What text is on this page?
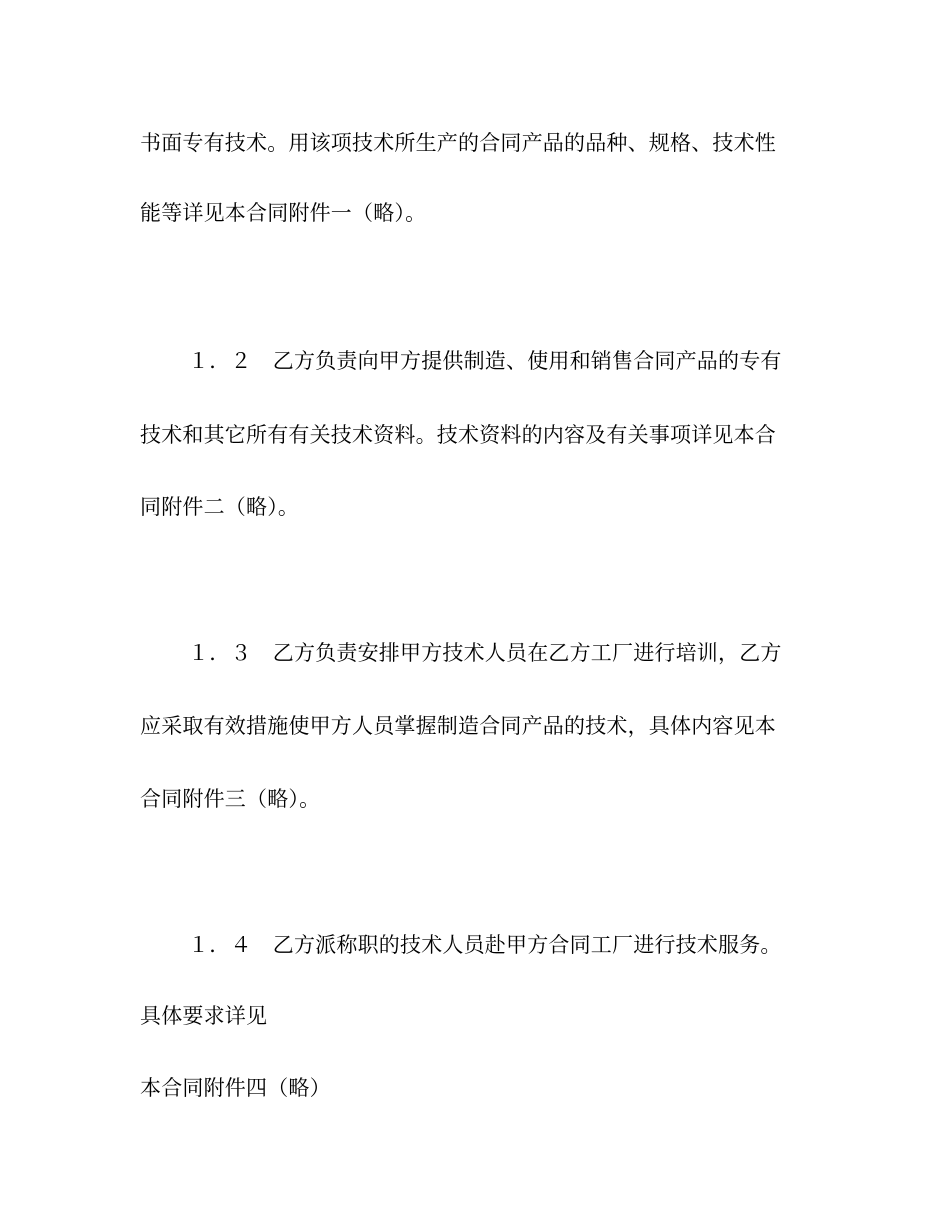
书面专有技术。用该项技术所生产的合同产品的品种、规格、技术性
能等详见本合同附件一（略）。
１．２　乙方负责向甲方提供制造、使用和销售合同产品的专有
技术和其它所有有关技术资料。技术资料的内容及有关事项详见本合
同附件二（略）。
１．３　乙方负责安排甲方技术人员在乙方工厂进行培训，乙方
应采取有效措施使甲方人员掌握制造合同产品的技术，具体内容见本
合同附件三（略）。
１．４　乙方派称职的技术人员赴甲方合同工厂进行技术服务。
具体要求详见
本合同附件四（略）
